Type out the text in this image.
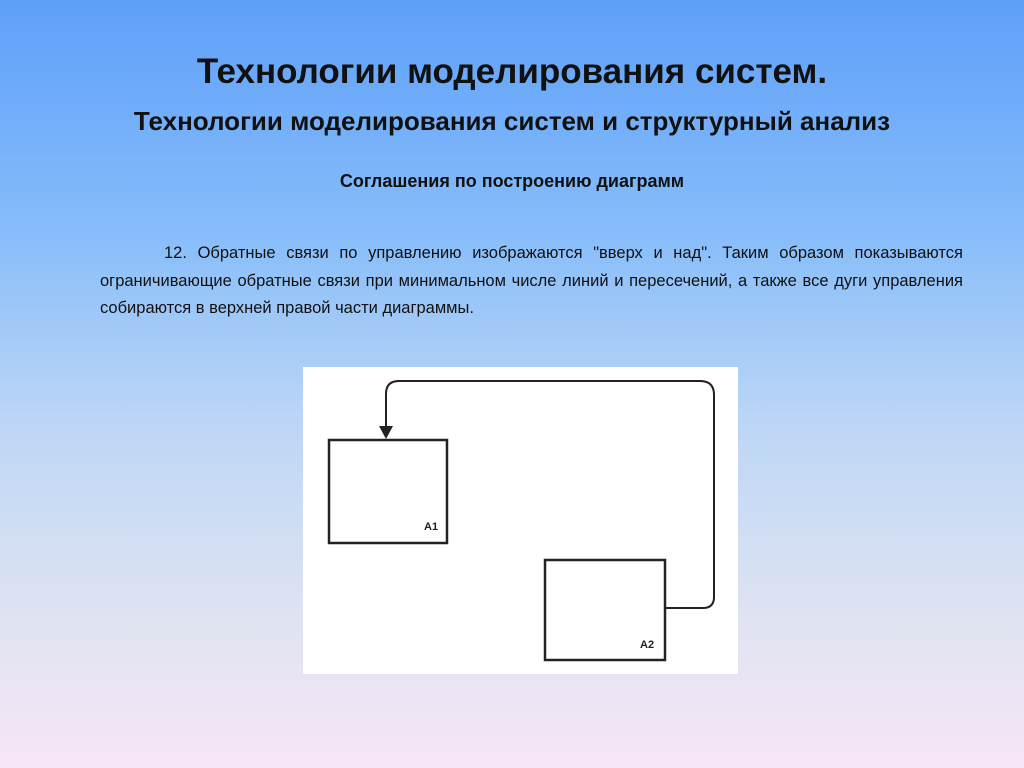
Технологии моделирования систем.
Технологии моделирования систем и структурный анализ
Соглашения по построению диаграмм

12. Обратные связи по управлению изображаются "вверх и над". Таким образом показываются ограничивающие обратные связи при минимальном числе линий и пересечений, а также все дуги управления собираются в верхней правой части диаграммы.

A1
A2
